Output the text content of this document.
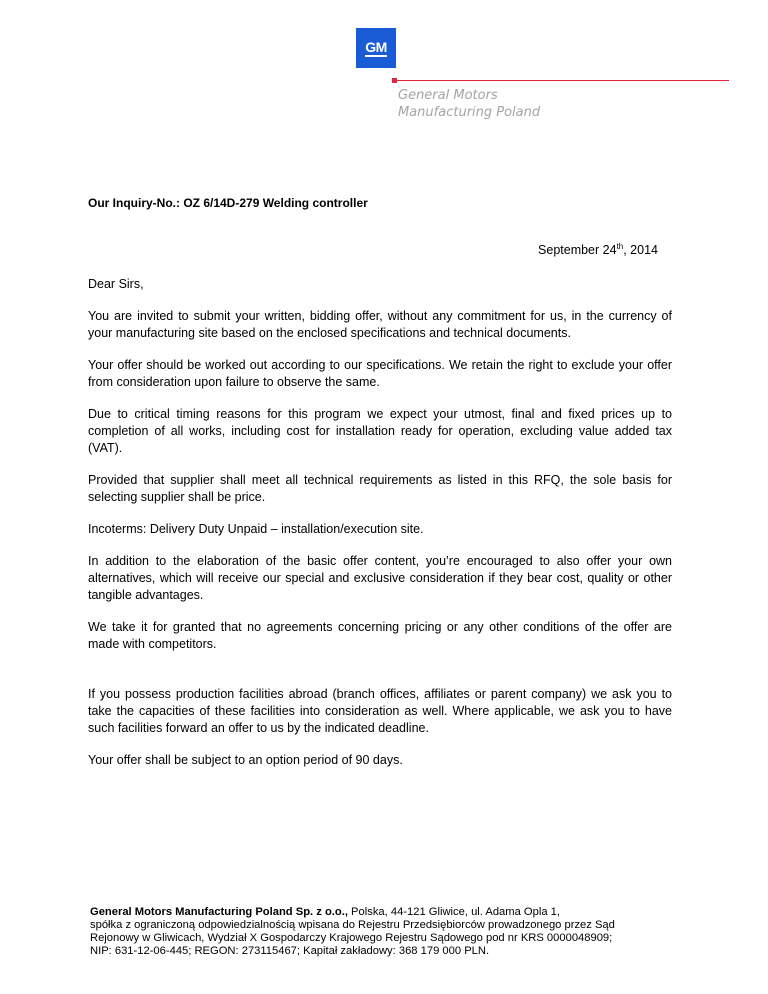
GM
General Motors
Manufacturing Poland
Our Inquiry-No.: OZ 6/14D-279 Welding controller
September 24th, 2014

Dear Sirs,

You are invited to submit your written, bidding offer, without any commitment for us, in the currency of your manufacturing site based on the enclosed specifications and technical documents.

Your offer should be worked out according to our specifications. We retain the right to exclude your offer from consideration upon failure to observe the same.

Due to critical timing reasons for this program we expect your utmost, final and fixed prices up to completion of all works, including cost for installation ready for operation, excluding value added tax (VAT).

Provided that supplier shall meet all technical requirements as listed in this RFQ, the sole basis for selecting supplier shall be price.

Incoterms: Delivery Duty Unpaid – installation/execution site.

In addition to the elaboration of the basic offer content, you’re encouraged to also offer your own alternatives, which will receive our special and exclusive consideration if they bear cost, quality or other tangible advantages.

We take it for granted that no agreements concerning pricing or any other conditions of the offer are made with competitors.

If you possess production facilities abroad (branch offices, affiliates or parent company) we ask you to take the capacities of these facilities into consideration as well. Where applicable, we ask you to have such facilities forward an offer to us by the indicated deadline.

Your offer shall be subject to an option period of 90 days.

General Motors Manufacturing Poland Sp. z o.o., Polska, 44-121 Gliwice, ul. Adama Opla 1,
spółka z ograniczoną odpowiedzialnością wpisana do Rejestru Przedsiębiorców prowadzonego przez Sąd
Rejonowy w Gliwicach, Wydział X Gospodarczy Krajowego Rejestru Sądowego pod nr KRS 0000048909;
NIP: 631-12-06-445; REGON: 273115467; Kapitał zakładowy: 368 179 000 PLN.
